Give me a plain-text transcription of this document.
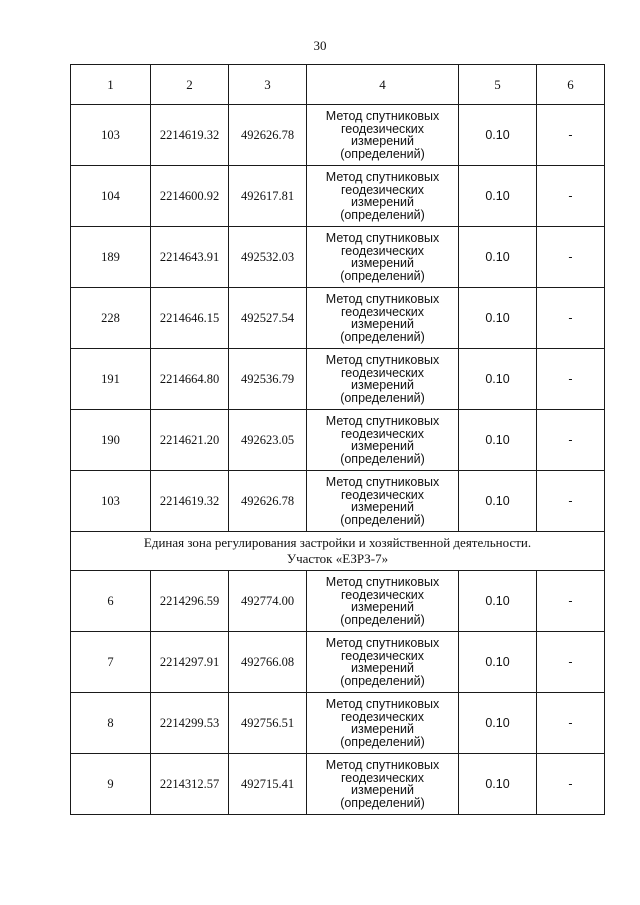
30
1	2	3	4	5	6
103	2214619.32	492626.78	Метод спутниковых
геодезических
измерений
(определений)	0.10	-
104	2214600.92	492617.81	Метод спутниковых
геодезических
измерений
(определений)	0.10	-
189	2214643.91	492532.03	Метод спутниковых
геодезических
измерений
(определений)	0.10	-
228	2214646.15	492527.54	Метод спутниковых
геодезических
измерений
(определений)	0.10	-
191	2214664.80	492536.79	Метод спутниковых
геодезических
измерений
(определений)	0.10	-
190	2214621.20	492623.05	Метод спутниковых
геодезических
измерений
(определений)	0.10	-
103	2214619.32	492626.78	Метод спутниковых
геодезических
измерений
(определений)	0.10	-

Единая зона регулирования застройки и хозяйственной деятельности.
Участок «ЕЗРЗ-7»					

6	2214296.59	492774.00	Метод спутниковых
геодезических
измерений
(определений)	0.10	-
7	2214297.91	492766.08	Метод спутниковых
геодезических
измерений
(определений)	0.10	-
8	2214299.53	492756.51	Метод спутниковых
геодезических
измерений
(определений)	0.10	-
9	2214312.57	492715.41	Метод спутниковых
геодезических
измерений
(определений)	0.10	-
